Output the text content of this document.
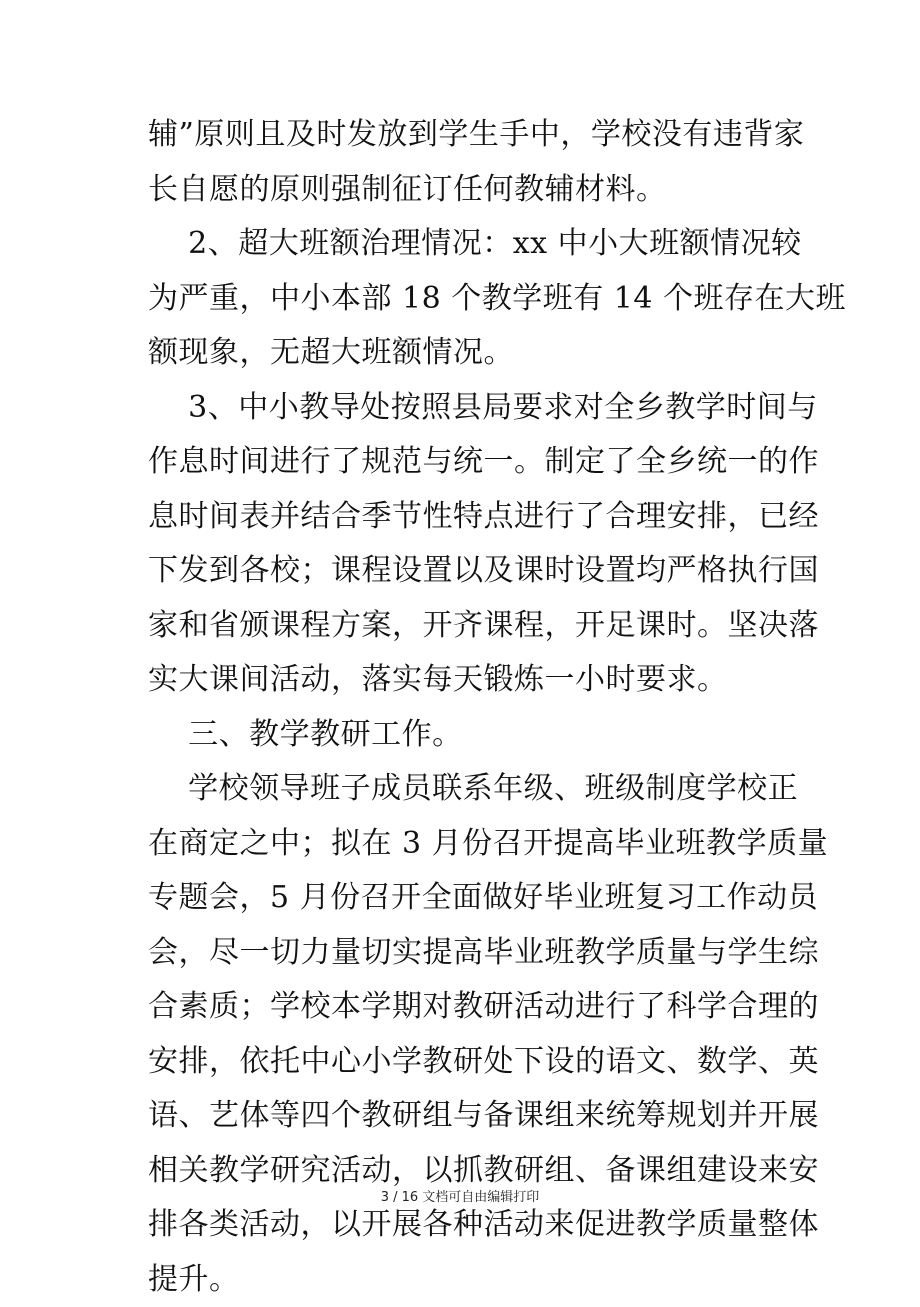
辅”原则且及时发放到学生手中，学校没有违背家
长自愿的原则强制征订任何教辅材料。

2、超大班额治理情况：xx 中小大班额情况较
为严重，中小本部 18 个教学班有 14 个班存在大班
额现象，无超大班额情况。

3、中小教导处按照县局要求对全乡教学时间与
作息时间进行了规范与统一。制定了全乡统一的作
息时间表并结合季节性特点进行了合理安排，已经
下发到各校；课程设置以及课时设置均严格执行国
家和省颁课程方案，开齐课程，开足课时。坚决落
实大课间活动，落实每天锻炼一小时要求。

三、教学教研工作。

学校领导班子成员联系年级、班级制度学校正
在商定之中；拟在 3 月份召开提高毕业班教学质量
专题会，5 月份召开全面做好毕业班复习工作动员
会，尽一切力量切实提高毕业班教学质量与学生综
合素质；学校本学期对教研活动进行了科学合理的
安排，依托中心小学教研处下设的语文、数学、英
语、艺体等四个教研组与备课组来统筹规划并开展
相关教学研究活动，以抓教研组、备课组建设来安
排各类活动，以开展各种活动来促进教学质量整体
提升。

3 / 16 文档可自由编辑打印
